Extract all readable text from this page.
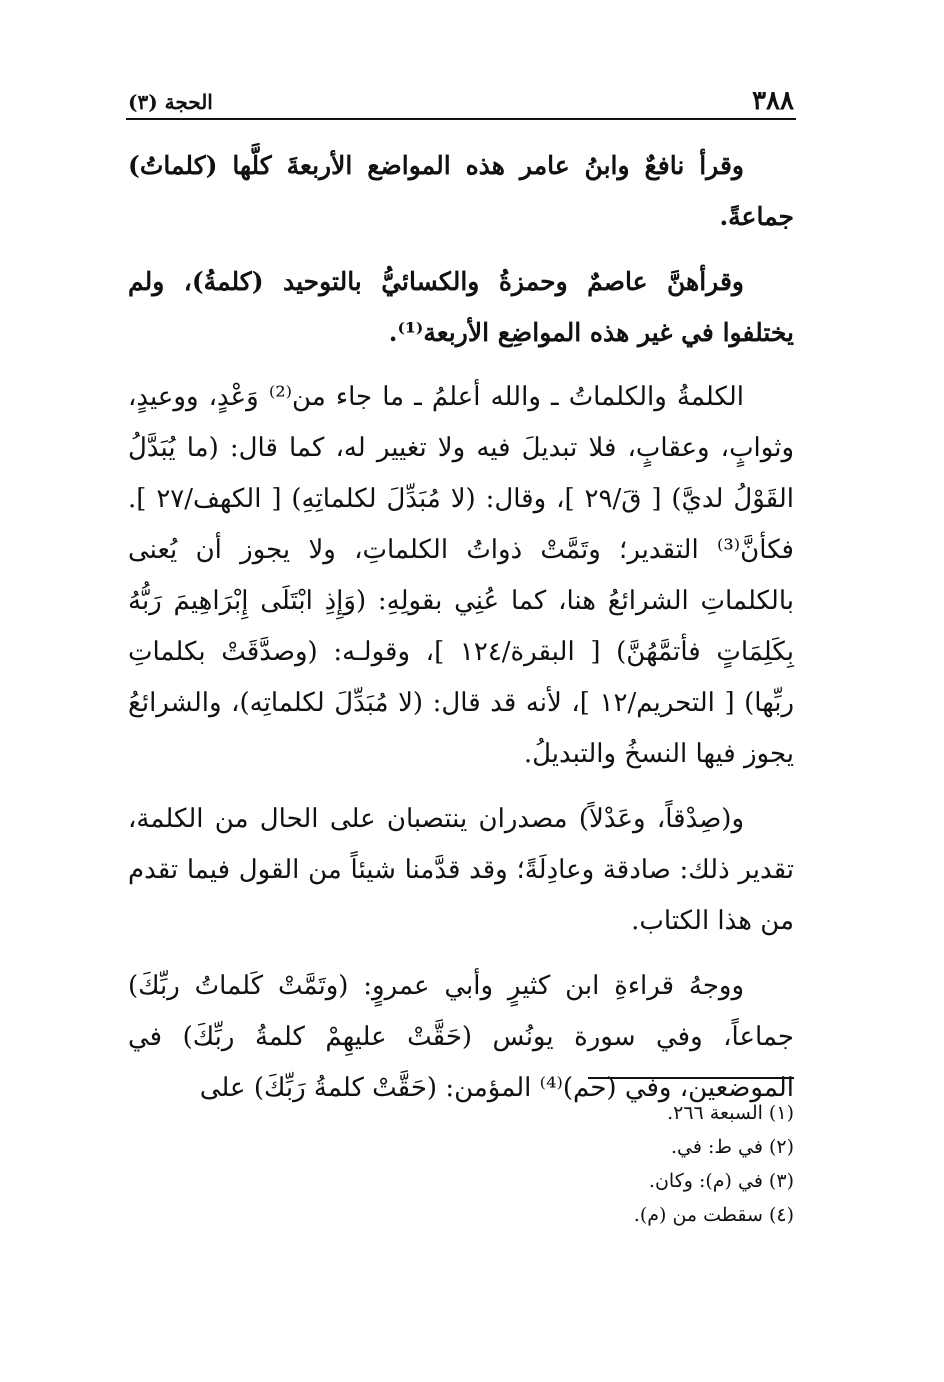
٣٨٨
الحجة (٣)

وقرأ نافعٌ وابنُ عامر هذه المواضع الأربعةَ كلَّها (كلماتُ) جماعةً.

وقرأهنَّ عاصمٌ وحمزةُ والكسائيُّ بالتوحيد (كلمةُ)، ولم يختلفوا في غير هذه المواضِع الأربعة⁽¹⁾.

الكلمةُ والكلماتُ ـ والله أعلمُ ـ ما جاء من⁽²⁾ وَعْدٍ، ووعيدٍ، وثوابٍ، وعقابٍ، فلا تبديلَ فيه ولا تغيير له، كما قال: (ما يُبَدَّلُ القَوْلُ لديَّ) [ قَ/٢٩ ]، وقال: (لا مُبَدِّلَ لكلماتِهِ) [ الكهف/٢٧ ]. فكأنَّ⁽³⁾ التقدير؛ وتَمَّتْ ذواتُ الكلماتِ، ولا يجوز أن يُعنى بالكلماتِ الشرائعُ هنا، كما عُنِي بقولِهِ: (وَإِذِ ابْتَلَى إِبْرَاهِيمَ رَبُّهُ بِكَلِمَاتٍ فأتمَّهُنَّ) [ البقرة/١٢٤ ]، وقولـه: (وصدَّقَتْ بكلماتِ ربِّها) [ التحريم/١٢ ]، لأنه قد قال: (لا مُبَدِّلَ لكلماتِه)، والشرائعُ يجوز فيها النسخُ والتبديلُ.

و(صِدْقاً، وعَدْلاً) مصدران ينتصبان على الحال من الكلمة، تقدير ذلك: صادقة وعادِلَةً؛ وقد قدَّمنا شيئاً من القول فيما تقدم من هذا الكتاب.

ووجهُ قراءةِ ابن كثيرٍ وأبي عمروٍ: (وتَمَّتْ كَلماتُ ربِّكَ) جماعاً، وفي سورة يونُس (حَقَّتْ عليهِمْ كلمةُ ربِّكَ) في الموضعين، وفي (حم)⁽⁴⁾ المؤمن: (حَقَّتْ كلمةُ رَبِّكَ) على

(١) السبعة ٢٦٦.

(٢) في ط: في.

(٣) في (م): وكان.

(٤) سقطت من (م).
